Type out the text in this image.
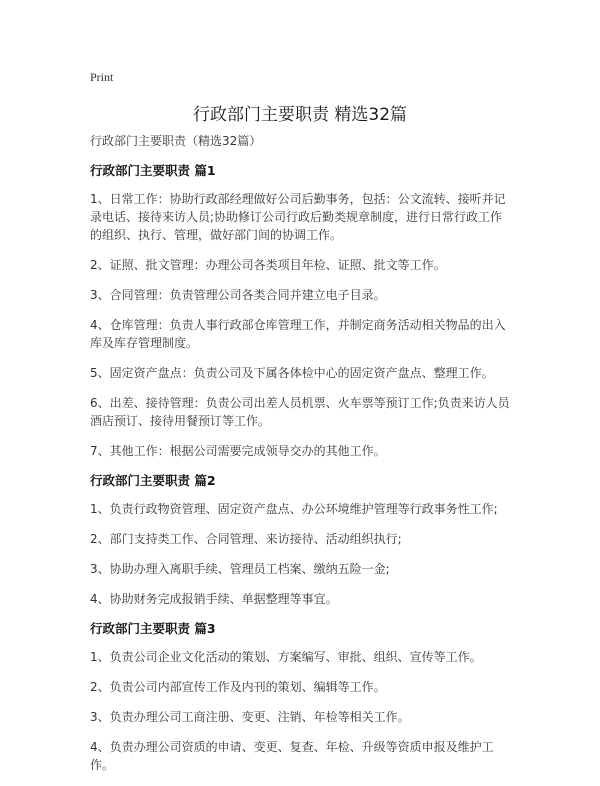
Print
行政部门主要职责 精选32篇

行政部门主要职责（精选32篇）

行政部门主要职责 篇1

1、日常工作：协助行政部经理做好公司后勤事务，包括：公文流转、接听并记录电话、接待来访人员;协助修订公司行政后勤类规章制度，进行日常行政工作的组织、执行、管理，做好部门间的协调工作。

2、证照、批文管理：办理公司各类项目年检、证照、批文等工作。

3、合同管理：负责管理公司各类合同并建立电子目录。

4、仓库管理：负责人事行政部仓库管理工作，并制定商务活动相关物品的出入库及库存管理制度。

5、固定资产盘点：负责公司及下属各体检中心的固定资产盘点、整理工作。

6、出差、接待管理：负责公司出差人员机票、火车票等预订工作;负责来访人员酒店预订、接待用餐预订等工作。

7、其他工作：根据公司需要完成领导交办的其他工作。

行政部门主要职责 篇2

1、负责行政物资管理、固定资产盘点、办公环境维护管理等行政事务性工作;

2、部门支持类工作、合同管理、来访接待、活动组织执行;

3、协助办理入离职手续、管理员工档案、缴纳五险一金;

4、协助财务完成报销手续、单据整理等事宜。

行政部门主要职责 篇3

1、负责公司企业文化活动的策划、方案编写、审批、组织、宣传等工作。

2、负责公司内部宣传工作及内刊的策划、编辑等工作。

3、负责办理公司工商注册、变更、注销、年检等相关工作。

4、负责办理公司资质的申请、变更、复查、年检、升级等资质申报及维护工作。
